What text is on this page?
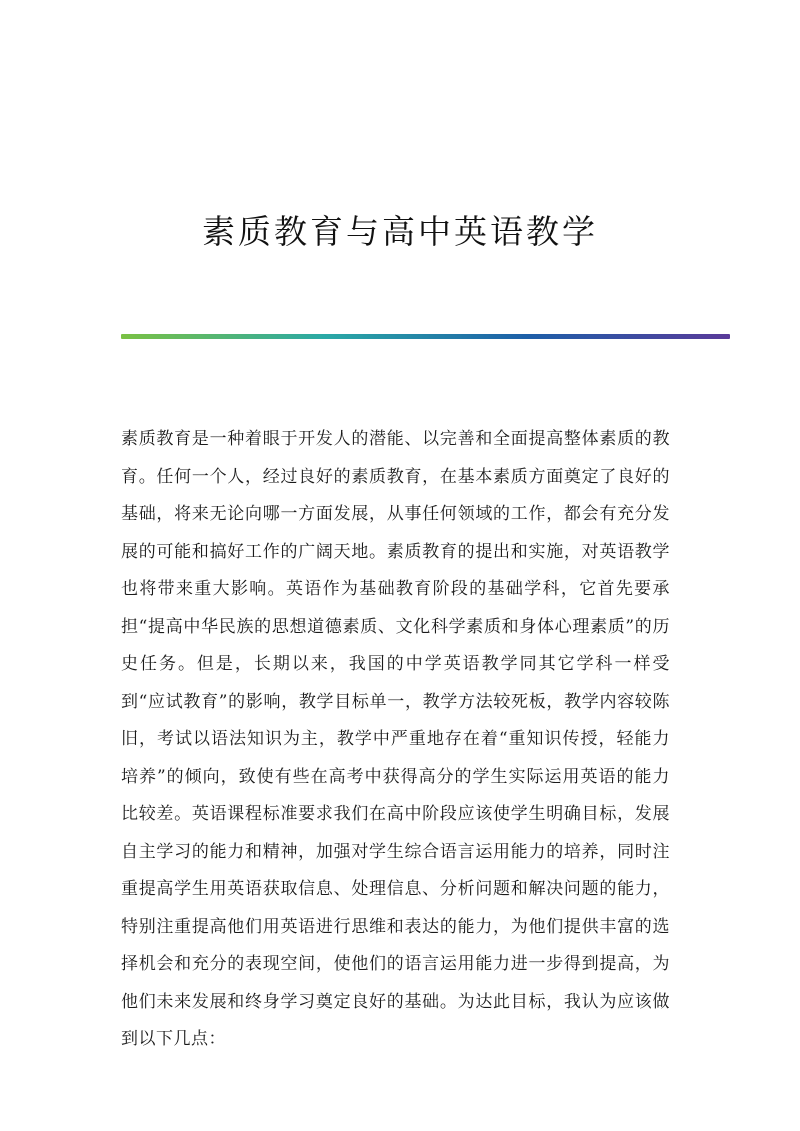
素质教育与高中英语教学

素质教育是一种着眼于开发人的潜能、以完善和全面提高整体素质的教育。任何一个人，经过良好的素质教育，在基本素质方面奠定了良好的基础，将来无论向哪一方面发展，从事任何领域的工作，都会有充分发展的可能和搞好工作的广阔天地。素质教育的提出和实施，对英语教学也将带来重大影响。英语作为基础教育阶段的基础学科，它首先要承担“提高中华民族的思想道德素质、文化科学素质和身体心理素质”的历史任务。但是，长期以来，我国的中学英语教学同其它学科一样受到“应试教育”的影响，教学目标单一，教学方法较死板，教学内容较陈旧，考试以语法知识为主，教学中严重地存在着“重知识传授，轻能力培养”的倾向，致使有些在高考中获得高分的学生实际运用英语的能力比较差。英语课程标准要求我们在高中阶段应该使学生明确目标，发展自主学习的能力和精神，加强对学生综合语言运用能力的培养，同时注重提高学生用英语获取信息、处理信息、分析问题和解决问题的能力，特别注重提高他们用英语进行思维和表达的能力，为他们提供丰富的选择机会和充分的表现空间，使他们的语言运用能力进一步得到提高，为他们未来发展和终身学习奠定良好的基础。为达此目标，我认为应该做到以下几点：
